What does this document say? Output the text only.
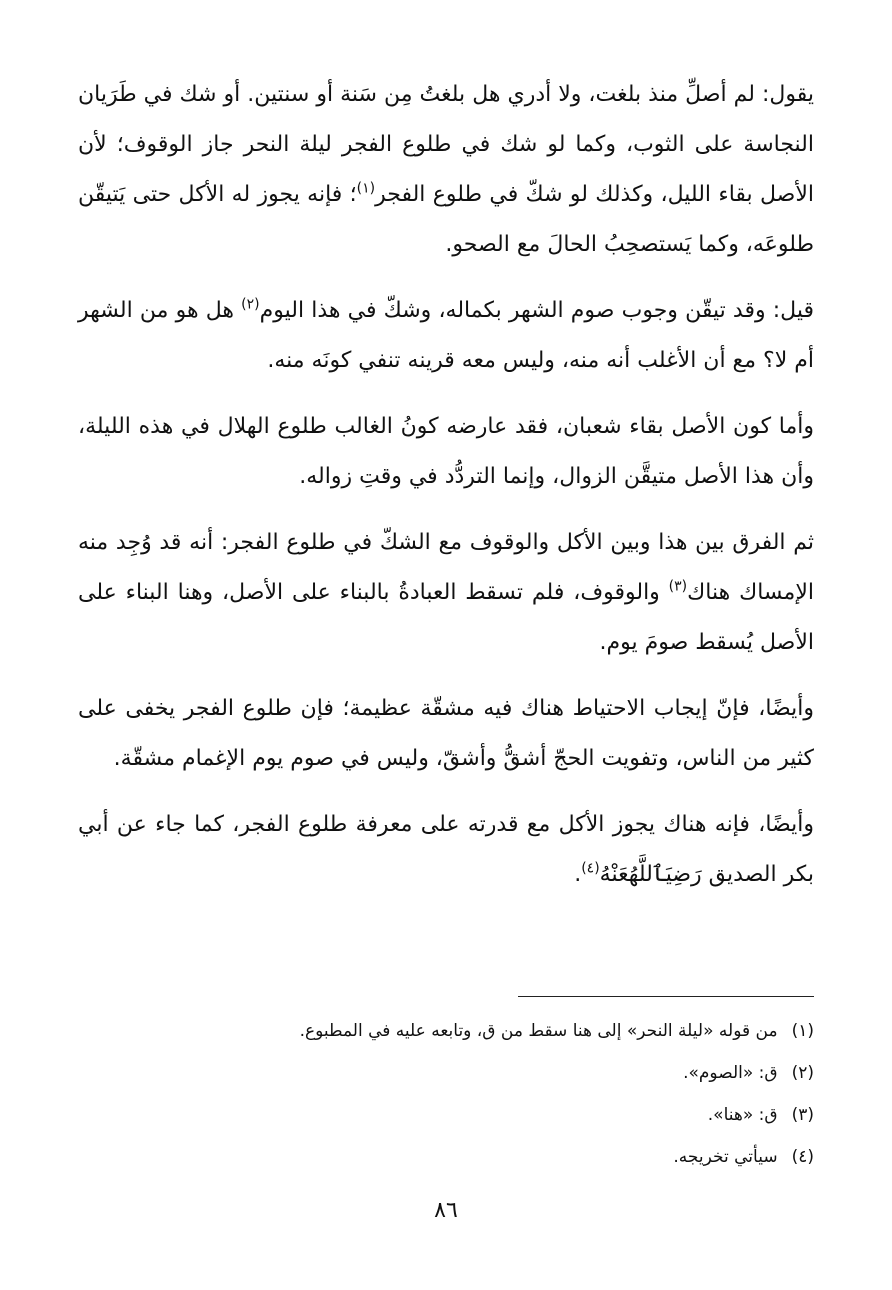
يقول: لم أصلِّ منذ بلغت، ولا أدري هل بلغتُ مِن سَنة أو سنتين. أو شك في طَرَيان النجاسة على الثوب، وكما لو شك في طلوع الفجر ليلة النحر جاز الوقوف؛ لأن الأصل بقاء الليل، وكذلك لو شكّ في طلوع الفجر$^{(١)}$؛ فإنه يجوز له الأكل حتى يَتيقّن طلوعَه، وكما يَستصحِبُ الحالَ مع الصحو.

قيل: وقد تيقّن وجوب صوم الشهر بكماله، وشكّ في هذا اليوم$^{(٢)}$ هل هو من الشهر أم لا؟ مع أن الأغلب أنه منه، وليس معه قرينه تنفي كونَه منه.

وأما كون الأصل بقاء شعبان، فقد عارضه كونُ الغالب طلوع الهلال في هذه الليلة، وأن هذا الأصل متيقَّن الزوال، وإنما التردُّد في وقتِ زواله.

ثم الفرق بين هذا وبين الأكل والوقوف مع الشكّ في طلوع الفجر: أنه قد وُجِد منه الإمساك هناك$^{(٣)}$ والوقوف، فلم تسقط العبادةُ بالبناء على الأصل، وهنا البناء على الأصل يُسقط صومَ يوم.

وأيضًا، فإنّ إيجاب الاحتياط هناك فيه مشقّة عظيمة؛ فإن طلوع الفجر يخفى على كثير من الناس، وتفويت الحجّ أشقُّ وأشقّ، وليس في صوم يوم الإغمام مشقّة.

وأيضًا، فإنه هناك يجوز الأكل مع قدرته على معرفة طلوع الفجر، كما جاء عن أبي بكر الصديق رَضِيَٱللَّهُعَنْهُ$^{(٤)}$.

(١)من قوله «ليلة النحر» إلى هنا سقط من ق، وتابعه عليه في المطبوع.
(٢)ق: «الصوم».
(٣)ق: «هنا».
(٤)سيأتي تخريجه.
٨٦
